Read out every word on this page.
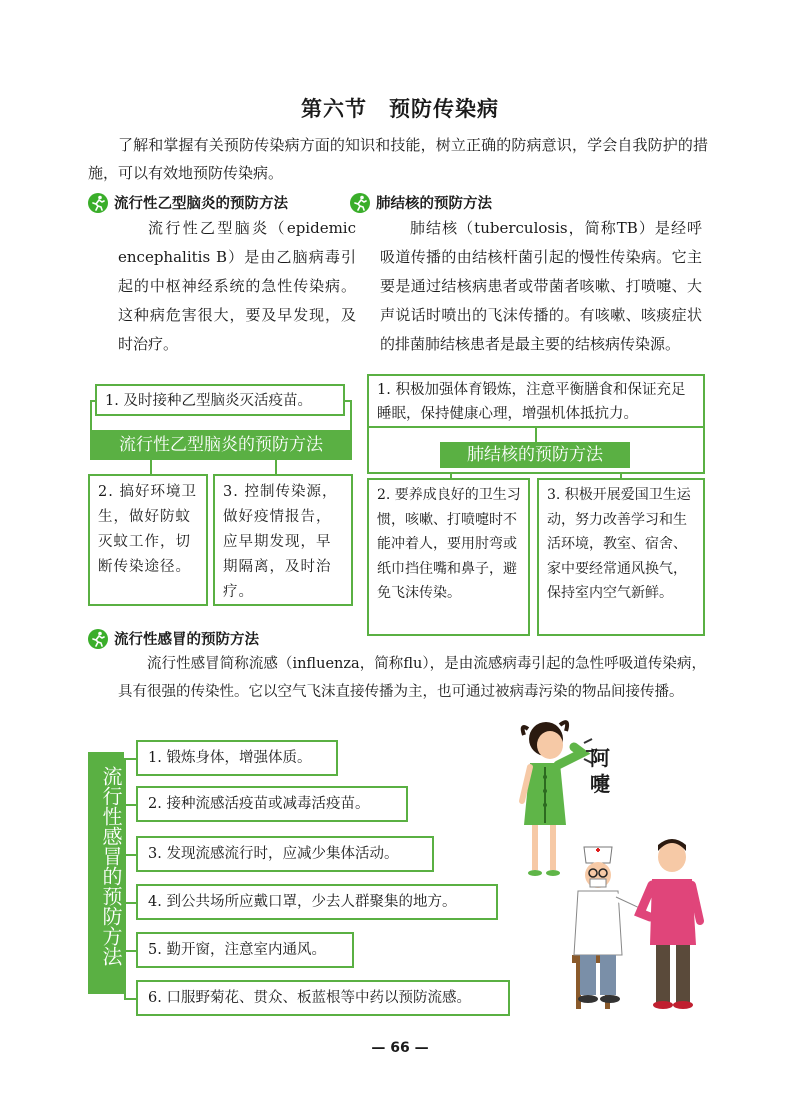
第六节　预防传染病
了解和掌握有关预防传染病方面的知识和技能，树立正确的防病意识，学会自我防护的措施，可以有效地预防传染病。
流行性乙型脑炎的预防方法
流行性乙型脑炎（epidemic encephalitis B）是由乙脑病毒引起的中枢神经系统的急性传染病。这种病危害很大，要及早发现，及时治疗。
肺结核的预防方法
肺结核（tuberculosis，简称TB）是经呼吸道传播的由结核杆菌引起的慢性传染病。它主要是通过结核病患者或带菌者咳嗽、打喷嚏、大声说话时喷出的飞沫传播的。有咳嗽、咳痰症状的排菌肺结核患者是最主要的结核病传染源。
1. 及时接种乙型脑炎灭活疫苗。
流行性乙型脑炎的预防方法
2. 搞好环境卫生，做好防蚊灭蚊工作，切断传染途径。
3. 控制传染源，做好疫情报告，应早期发现，早期隔离，及时治疗。
1. 积极加强体育锻炼，注意平衡膳食和保证充足睡眠，保持健康心理，增强机体抵抗力。
肺结核的预防方法
2. 要养成良好的卫生习惯，咳嗽、打喷嚏时不能冲着人，要用肘弯或纸巾挡住嘴和鼻子，避免飞沫传染。
3. 积极开展爱国卫生运动，努力改善学习和生活环境，教室、宿舍、家中要经常通风换气，保持室内空气新鲜。
流行性感冒的预防方法
流行性感冒简称流感（influenza，简称flu），是由流感病毒引起的急性呼吸道传染病，具有很强的传染性。它以空气飞沫直接传播为主，也可通过被病毒污染的物品间接传播。
流行性感冒的预防方法
1. 锻炼身体，增强体质。
2. 接种流感活疫苗或减毒活疫苗。
3. 发现流感流行时，应减少集体活动。
4. 到公共场所应戴口罩，少去人群聚集的地方。
5. 勤开窗，注意室内通风。
6. 口服野菊花、贯众、板蓝根等中药以预防流感。
阿
嚏
— 66 —
